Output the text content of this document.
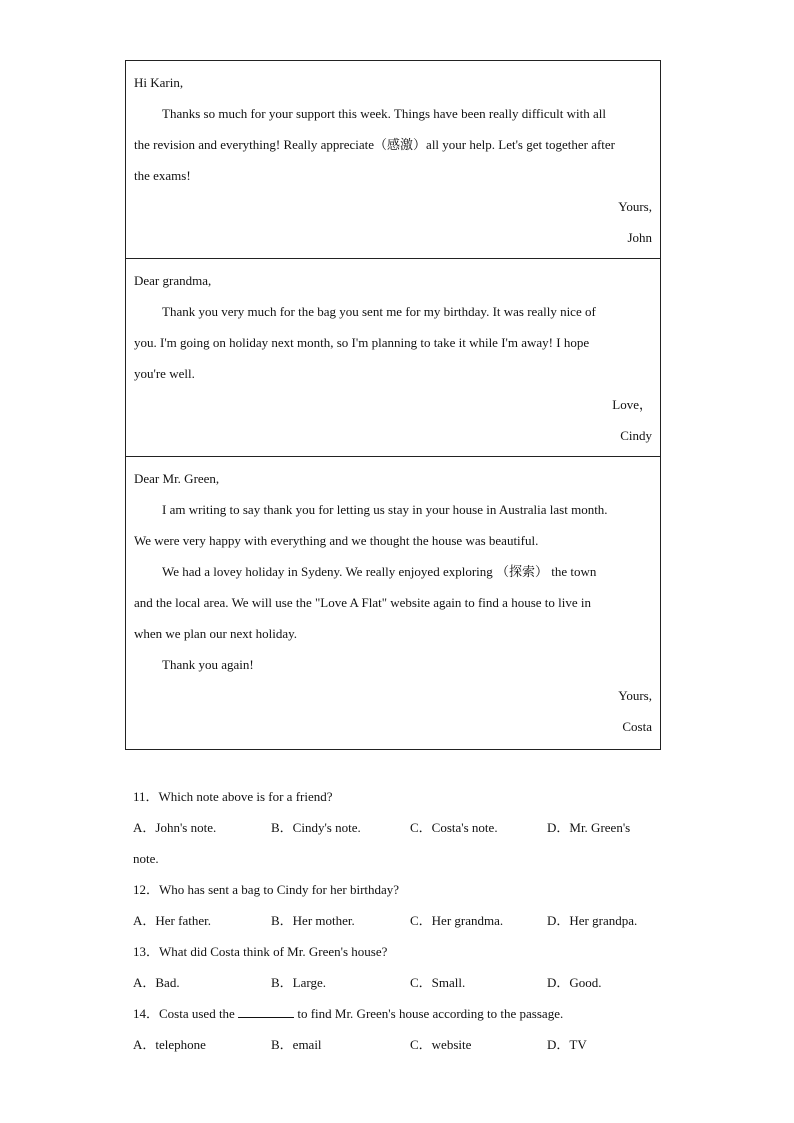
Hi Karin,
Thanks so much for your support this week. Things have been really difficult with all
the revision and everything! Really appreciate（感激）all your help. Let's get together after
the exams!
Yours,
John
Dear grandma,
Thank you very much for the bag you sent me for my birthday. It was really nice of
you. I'm going on holiday next month, so I'm planning to take it while I'm away! I hope
you're well.
Love，
Cindy
Dear Mr. Green,
I am writing to say thank you for letting us stay in your house in Australia last month.
We were very happy with everything and we thought the house was beautiful.
We had a lovey holiday in Sydeny. We really enjoyed exploring （探索） the town
and the local area. We will use the "Love A Flat" website again to find a house to live in
when we plan our next holiday.
Thank you again!
Yours,
Costa
11．Which note above is for a friend?
A．John's note.	B．Cindy's note.	C．Costa's note.	D．Mr. Green's
note.
12．Who has sent a bag to Cindy for her birthday?
A．Her father.	B．Her mother.	C．Her grandma.	D．Her grandpa.
13．What did Costa think of Mr. Green's house?
A．Bad.	B．Large.	C．Small.	D．Good.
14．Costa used the	to find Mr. Green's house according to the passage.
A．telephone	B．email	C．website	D．TV
